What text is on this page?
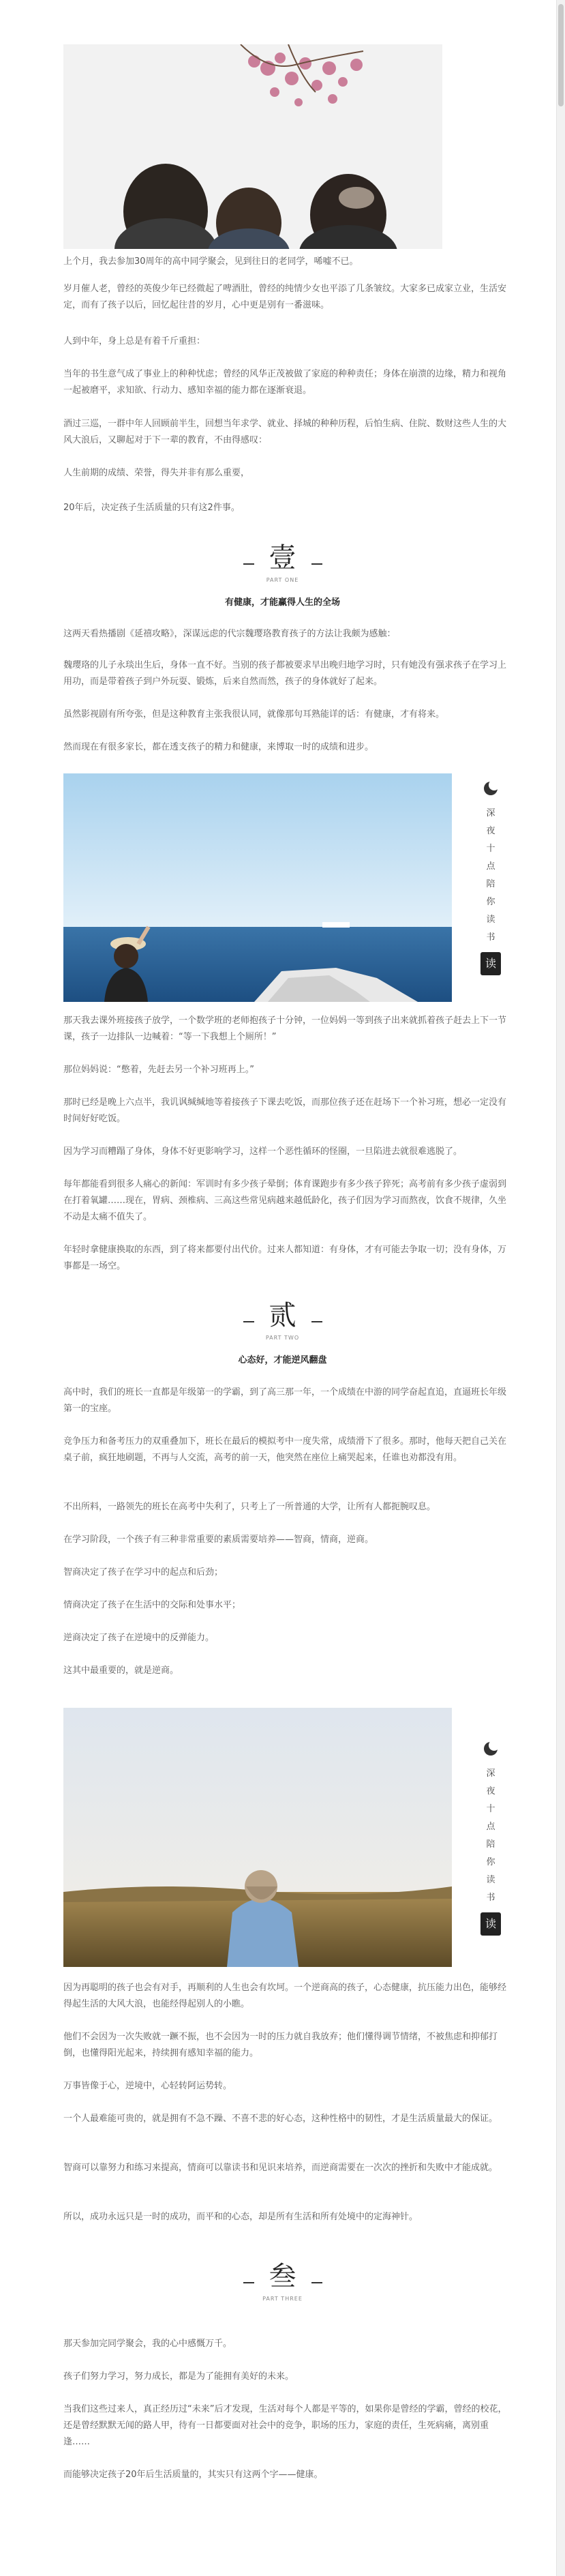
上个月，我去参加30周年的高中同学聚会，见到往日的老同学，唏嘘不已。

岁月催人老，曾经的英俊少年已经微起了啤酒肚，曾经的纯情少女也平添了几条皱纹。大家多已成家立业，生活安定，而有了孩子以后，回忆起往昔的岁月，心中更是别有一番滋味。

人到中年，身上总是有着千斤重担：

当年的书生意气成了事业上的种种忧虑；曾经的风华正茂被做了家庭的种种责任；身体在崩溃的边缘，精力和视角一起被磨平，求知欲、行动力、感知幸福的能力都在逐渐衰退。

酒过三巡，一群中年人回顾前半生，回想当年求学、就业、择城的种种历程，后怕生病、住院、数财这些人生的大风大浪后，又聊起对于下一辈的教育，不由得感叹：

人生前期的成绩、荣誉，得失并非有那么重要，

20年后，决定孩子生活质量的只有这2件事。

壹
PART ONE
有健康，才能赢得人生的全场

这两天看热播剧《延禧攻略》，深谋远虑的代宗魏璎珞教育孩子的方法让我颇为感触：

魏璎珞的儿子永琰出生后，身体一直不好。当别的孩子都被要求早出晚归地学习时，只有她没有强求孩子在学习上用功，而是带着孩子到户外玩耍、锻炼，后来自然而然，孩子的身体就好了起来。

虽然影视剧有所夸张，但是这种教育主张我很认同，就像那句耳熟能详的话：有健康，才有将来。

然而现在有很多家长，都在透支孩子的精力和健康，来博取一时的成绩和进步。

深
夜
十
点
陪
你
读
书
读

那天我去课外班接孩子放学，一个数学班的老师抱孩子十分钟，一位妈妈一等到孩子出来就抓着孩子赶去上下一节课，孩子一边排队一边喊着：“等一下我想上个厕所！”

那位妈妈说：“憋着，先赶去另一个补习班再上。”

那时已经是晚上六点半，我讥讽缄缄地等着接孩子下课去吃饭，而那位孩子还在赶场下一个补习班，想必一定没有时间好好吃饭。

因为学习而糟蹋了身体，身体不好更影响学习，这样一个恶性循环的怪圈，一旦陷进去就很难逃脱了。

每年都能看到很多人痛心的新闻：军训时有多少孩子晕倒；体育课跑步有多少孩子猝死；高考前有多少孩子虚弱到在打着氧罐……现在，胃病、颈椎病、三高这些常见病越来越低龄化，孩子们因为学习而熬夜，饮食不规律，久坐不动是太痛不值失了。

年轻时拿健康换取的东西，到了将来都要付出代价。过来人都知道：有身体，才有可能去争取一切；没有身体，万事都是一场空。

贰
PART TWO
心态好，才能逆风翻盘

高中时，我们的班长一直都是年级第一的学霸，到了高三那一年，一个成绩在中游的同学奋起直追，直逼班长年级第一的宝座。

竞争压力和备考压力的双重叠加下，班长在最后的模拟考中一度失常，成绩滑下了很多。那时，他每天把自己关在桌子前，疯狂地刷题，不再与人交流，高考的前一天，他突然在座位上痛哭起来，任谁也劝都没有用。

不出所料，一路领先的班长在高考中失利了，只考上了一所普通的大学，让所有人都扼腕叹息。

在学习阶段，一个孩子有三种非常重要的素质需要培养——智商，情商，逆商。

智商决定了孩子在学习中的起点和后劲；

情商决定了孩子在生活中的交际和处事水平；

逆商决定了孩子在逆境中的反弹能力。

这其中最重要的，就是逆商。

深
夜
十
点
陪
你
读
书
读

因为再聪明的孩子也会有对手，再顺利的人生也会有坎坷。一个逆商高的孩子，心态健康，抗压能力出色，能够经得起生活的大风大浪，也能经得起别人的小瞧。

他们不会因为一次失败就一蹶不振，也不会因为一时的压力就自我放弃；他们懂得调节情绪，不被焦虑和抑郁打倒，也懂得阳光起来，持续拥有感知幸福的能力。

万事皆像于心，逆境中，心轻转阿运势转。

一个人最难能可贵的，就是拥有不急不躁、不喜不悲的好心态，这种性格中的韧性，才是生活质量最大的保证。

智商可以靠努力和练习来提高，情商可以靠读书和见识来培养，而逆商需要在一次次的挫折和失败中才能成就。

所以，成功永远只是一时的成功，而平和的心态，却是所有生活和所有处境中的定海神针。

叁
PART THREE

那天参加完同学聚会，我的心中感慨万千。

孩子们努力学习，努力成长，都是为了能拥有美好的未来。

当我们这些过来人，真正经历过“未来”后才发现，生活对每个人都是平等的，如果你是曾经的学霸，曾经的校花，还是曾经默默无闻的路人甲，待有一日都要面对社会中的竞争，职场的压力，家庭的责任，生死病痛，离别重逢……

而能够决定孩子20年后生活质量的，其实只有这两个字——健康。
